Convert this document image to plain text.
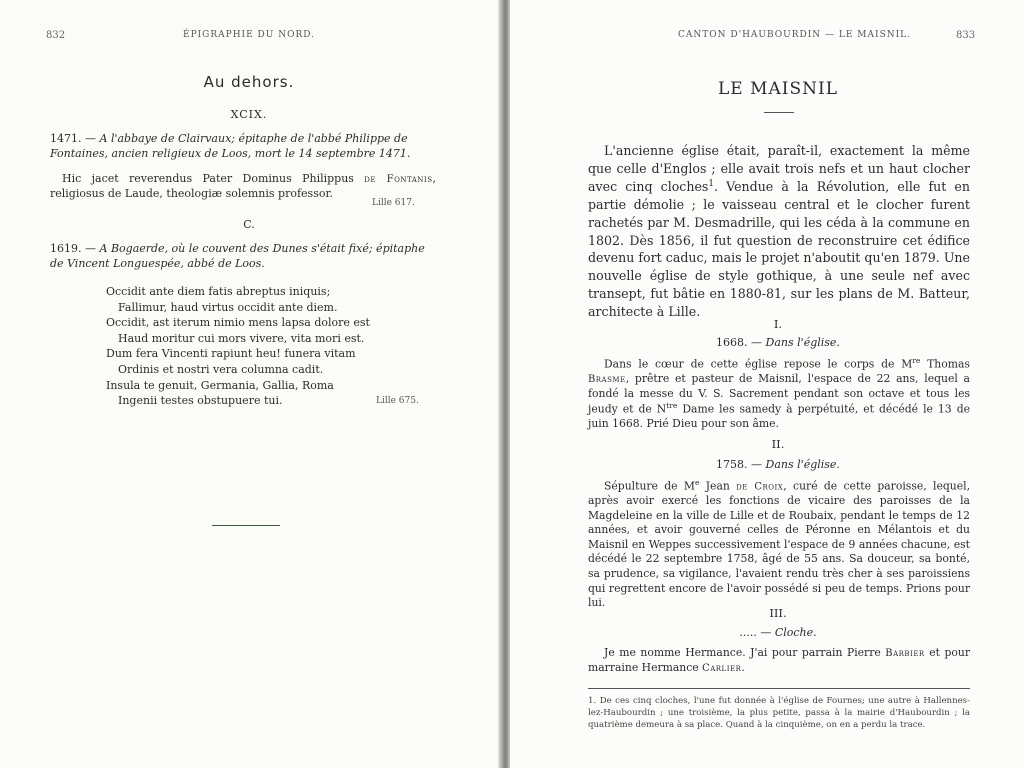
832	ÉPIGRAPHIE DU NORD.
Au dehors.
XCIX.
1471. — A l'abbaye de Clairvaux; épitaphe de l'abbé Philippe de Fontaines, ancien religieux de Loos, mort le 14 septembre 1471.
Hic jacet reverendus Pater Dominus Philippus de Fontanis, religiosus de Laude, theologiæ solemnis professor.
Lille 617.
C.
1619. — A Bogaerde, où le couvent des Dunes s'était fixé; épitaphe de Vincent Longuespée, abbé de Loos.
Occidit ante diem fatis abreptus iniquis;
Fallimur, haud virtus occidit ante diem.
Occidit, ast iterum nimio mens lapsa dolore est
Haud moritur cui mors vivere, vita mori est.
Dum fera Vincenti rapiunt heu! funera vitam
Ordinis et nostri vera columna cadit.
Insula te genuit, Germania, Gallia, Roma
Ingenii testes obstupuere tui.	Lille 675.
CANTON D'HAUBOURDIN — LE MAISNIL.	833
LE MAISNIL
L'ancienne église était, paraît-il, exactement la même que celle d'Englos ; elle avait trois nefs et un haut clocher avec cinq cloches$^1$. Vendue à la Révolution, elle fut en partie démolie ; le vaisseau central et le clocher furent rachetés par M. Desmadrille, qui les céda à la commune en 1802. Dès 1856, il fut question de reconstruire cet édifice devenu fort caduc, mais le projet n'aboutit qu'en 1879. Une nouvelle église de style gothique, à une seule nef avec transept, fut bâtie en 1880-81, sur les plans de M. Batteur, architecte à Lille.
I.
1668. — Dans l'église.
Dans le cœur de cette église repose le corps de Mre Thomas Brasme, prêtre et pasteur de Maisnil, l'espace de 22 ans, lequel a fondé la messe du V. S. Sacrement pendant son octave et tous les jeudy et de $N^{tre}$ Dame les samedy à perpétuité, et décédé le 13 de juin 1668. Prié Dieu pour son âme.
II.
1758. — Dans l'église.
Sépulture de Me Jean de Croix, curé de cette paroisse, lequel, après avoir exercé les fonctions de vicaire des paroisses de la Magdeleine en la ville de Lille et de Roubaix, pendant le temps de 12 années, et avoir gouverné celles de Péronne en Mélantois et du Maisnil en Weppes successivement l'espace de 9 années chacune, est décédé le 22 septembre 1758, âgé de 55 ans. Sa douceur, sa bonté, sa prudence, sa vigilance, l'avaient rendu très cher à ses paroissiens qui regrettent encore de l'avoir possédé si peu de temps. Prions pour lui.
III.
..... — Cloche.
Je me nomme Hermance. J'ai pour parrain Pierre Barbier et pour marraine Hermance Carlier.
1. De ces cinq cloches, l'une fut donnée à l'église de Fournes; une autre à Hallennes-lez-Haubourdin ; une troisième, la plus petite, passa à la mairie d'Haubourdin ; la quatrième demeura à sa place. Quand à la cinquième, on en a perdu la trace.
